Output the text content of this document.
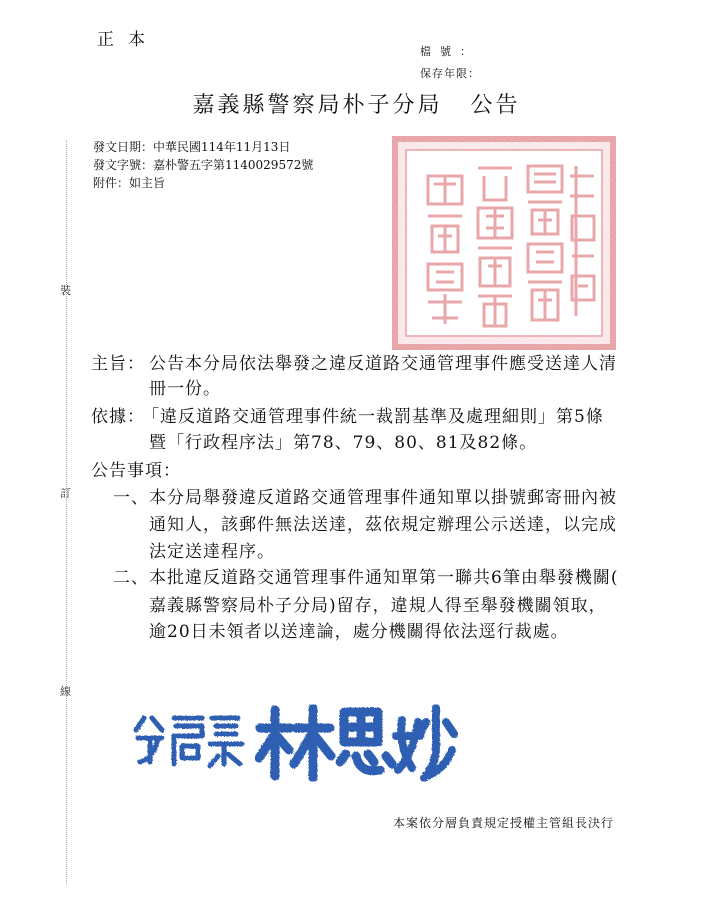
正本
檔號：
保存年限：
嘉義縣警察局朴子分局 公告
發文日期：中華民國114年11月13日
發文字號：嘉朴警五字第1140029572號
附件：如主旨
裝
訂
線
主旨： 公告本分局依法舉發之違反道路交通管理事件應受送達人清
冊一份。
依據：
「違反道路交通管理事件統一裁罰基準及處理細則」第5條
暨「行政程序法」第78、79、80、81及82條。
公告事項：
一、 本分局舉發違反道路交通管理事件通知單以掛號郵寄冊內被
通知人，該郵件無法送達，茲依規定辦理公示送達，以完成
法定送達程序。
二、 本批違反道路交通管理事件通知單第一聯共6筆由舉發機關(
嘉義縣警察局朴子分局)留存，違規人得至舉發機關領取，
逾20日未領者以送達論，處分機關得依法逕行裁處。
本案依分層負責規定授權主管組長決行
